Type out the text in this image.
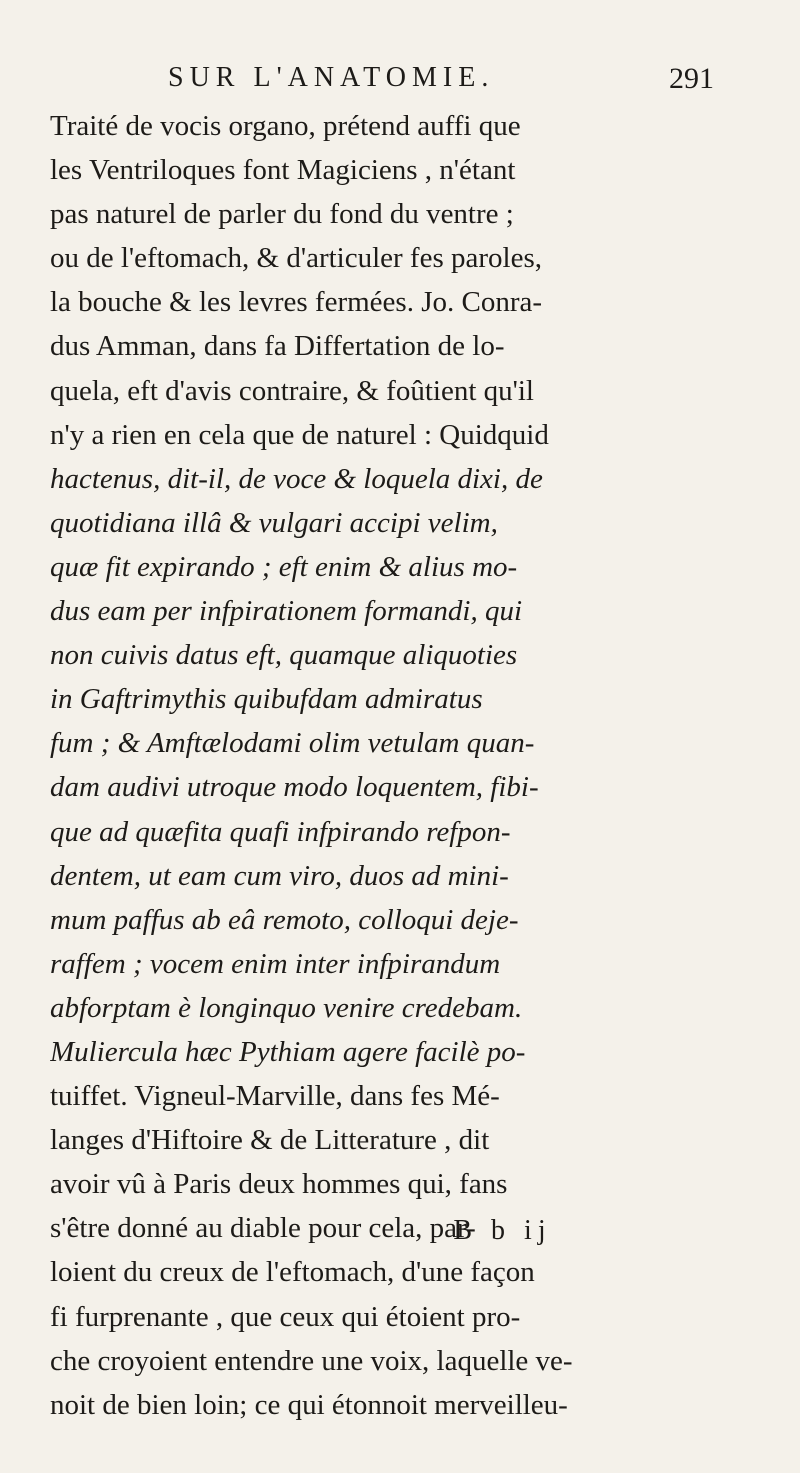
SUR L'ANATOMIE.	291
Traité de vocis organo, prétend auffi que
les Ventriloques font Magiciens , n'étant
pas naturel de parler du fond du ventre ;
ou de l'eftomach, & d'articuler fes paroles,
la bouche & les levres fermées. Jo. Conra-
dus Amman, dans fa Differtation de lo-
quela, eft d'avis contraire, & foûtient qu'il
n'y a rien en cela que de naturel : Quidquid
hactenus, dit-il, de voce & loquela dixi, de
quotidiana illâ & vulgari accipi velim,
quæ fit expirando ; eft enim & alius mo-
dus eam per infpirationem formandi, qui
non cuivis datus eft, quamque aliquoties
in Gaftrimythis quibufdam admiratus
fum ; & Amftælodami olim vetulam quan-
dam audivi utroque modo loquentem, fibi-
que ad quæfita quafi infpirando refpon-
dentem, ut eam cum viro, duos ad mini-
mum paffus ab eâ remoto, colloqui deje-
raffem ; vocem enim inter infpirandum
abforptam è longinquo venire credebam.
Muliercula hæc Pythiam agere facilè po-
tuiffet. Vigneul-Marville, dans fes Mé-
langes d'Hiftoire & de Litterature , dit
avoir vû à Paris deux hommes qui, fans
s'être donné au diable pour cela, par-
loient du creux de l'eftomach, d'une façon
fi furprenante , que ceux qui étoient pro-
che croyoient entendre une voix, laquelle ve-
noit de bien loin; ce qui étonnoit merveilleu-
B b ij
